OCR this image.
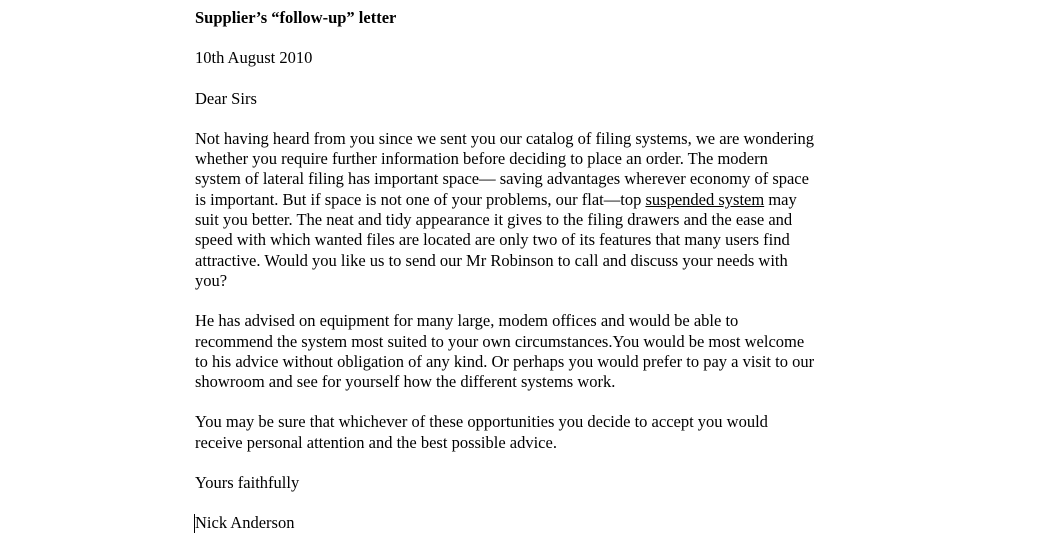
Supplier’s “follow-up” letter
10th August 2010
Dear Sirs
Not having heard from you since we sent you our catalog of filing systems, we are wondering
whether you require further information before deciding to place an order. The modern
system of lateral filing has important space— saving advantages wherever economy of space
is important. But if space is not one of your problems, our flat—top suspended system may
suit you better. The neat and tidy appearance it gives to the filing drawers and the ease and
speed with which wanted files are located are only two of its features that many users find
attractive. Would you like us to send our Mr Robinson to call and discuss your needs with
you?
He has advised on equipment for many large, modem offices and would be able to
recommend the system most suited to your own circumstances.You would be most welcome
to his advice without obligation of any kind. Or perhaps you would prefer to pay a visit to our
showroom and see for yourself how the different systems work.
You may be sure that whichever of these opportunities you decide to accept you would
receive personal attention and the best possible advice.
Yours faithfully
Nick Anderson
